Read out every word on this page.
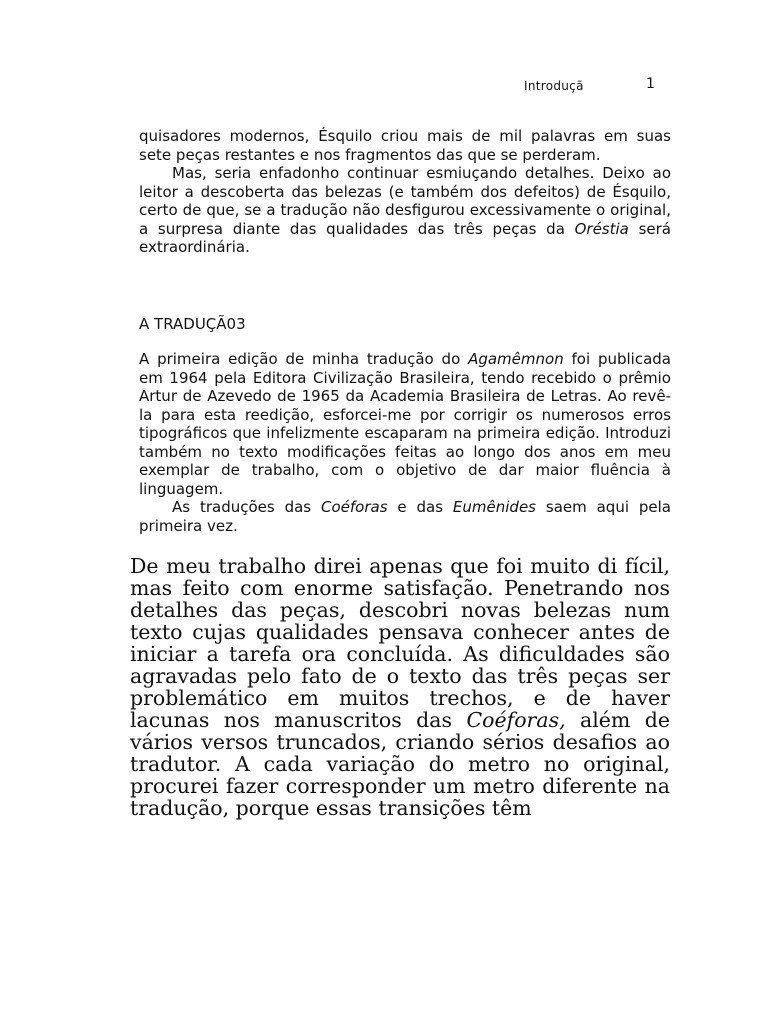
Introduçã	1

quisadores modernos, Ésquilo criou mais de mil palavras em suas sete peças restantes e nos fragmentos das que se perderam.

Mas, seria enfadonho continuar esmiuçando detalhes. Deixo ao leitor a descoberta das belezas (e também dos defeitos) de Ésquilo, certo de que, se a tradução não desfigurou excessivamente o original, a surpresa diante das qualidades das três peças da Oréstia será extraordinária.

A TRADUÇÃ03

A primeira edição de minha tradução do Agamêmnon foi publicada em 1964 pela Editora Civilização Brasileira, tendo recebido o prêmio Artur de Azevedo de 1965 da Academia Brasileira de Letras. Ao revê-la para esta reedição, esforcei-me por corrigir os numerosos erros tipográficos que infelizmente escaparam na primeira edição. Introduzi também no texto modificações feitas ao longo dos anos em meu exemplar de trabalho, com o objetivo de dar maior fluência à linguagem.

As traduções das Coéforas e das Eumênides saem aqui pela primeira vez.

De meu trabalho direi apenas que foi muito di fícil, mas feito com enorme satisfação. Penetrando nos detalhes das peças, descobri novas belezas num texto cujas qualidades pensava conhecer antes de iniciar a tarefa ora concluída. As dificuldades são agravadas pelo fato de o texto das três peças ser problemático em muitos trechos, e de haver lacunas nos manuscritos das Coéforas, além de vários versos truncados, criando sérios desafios ao tradutor. A cada variação do metro no original, procurei fazer corresponder um metro diferente na tradução, porque essas transições têm
